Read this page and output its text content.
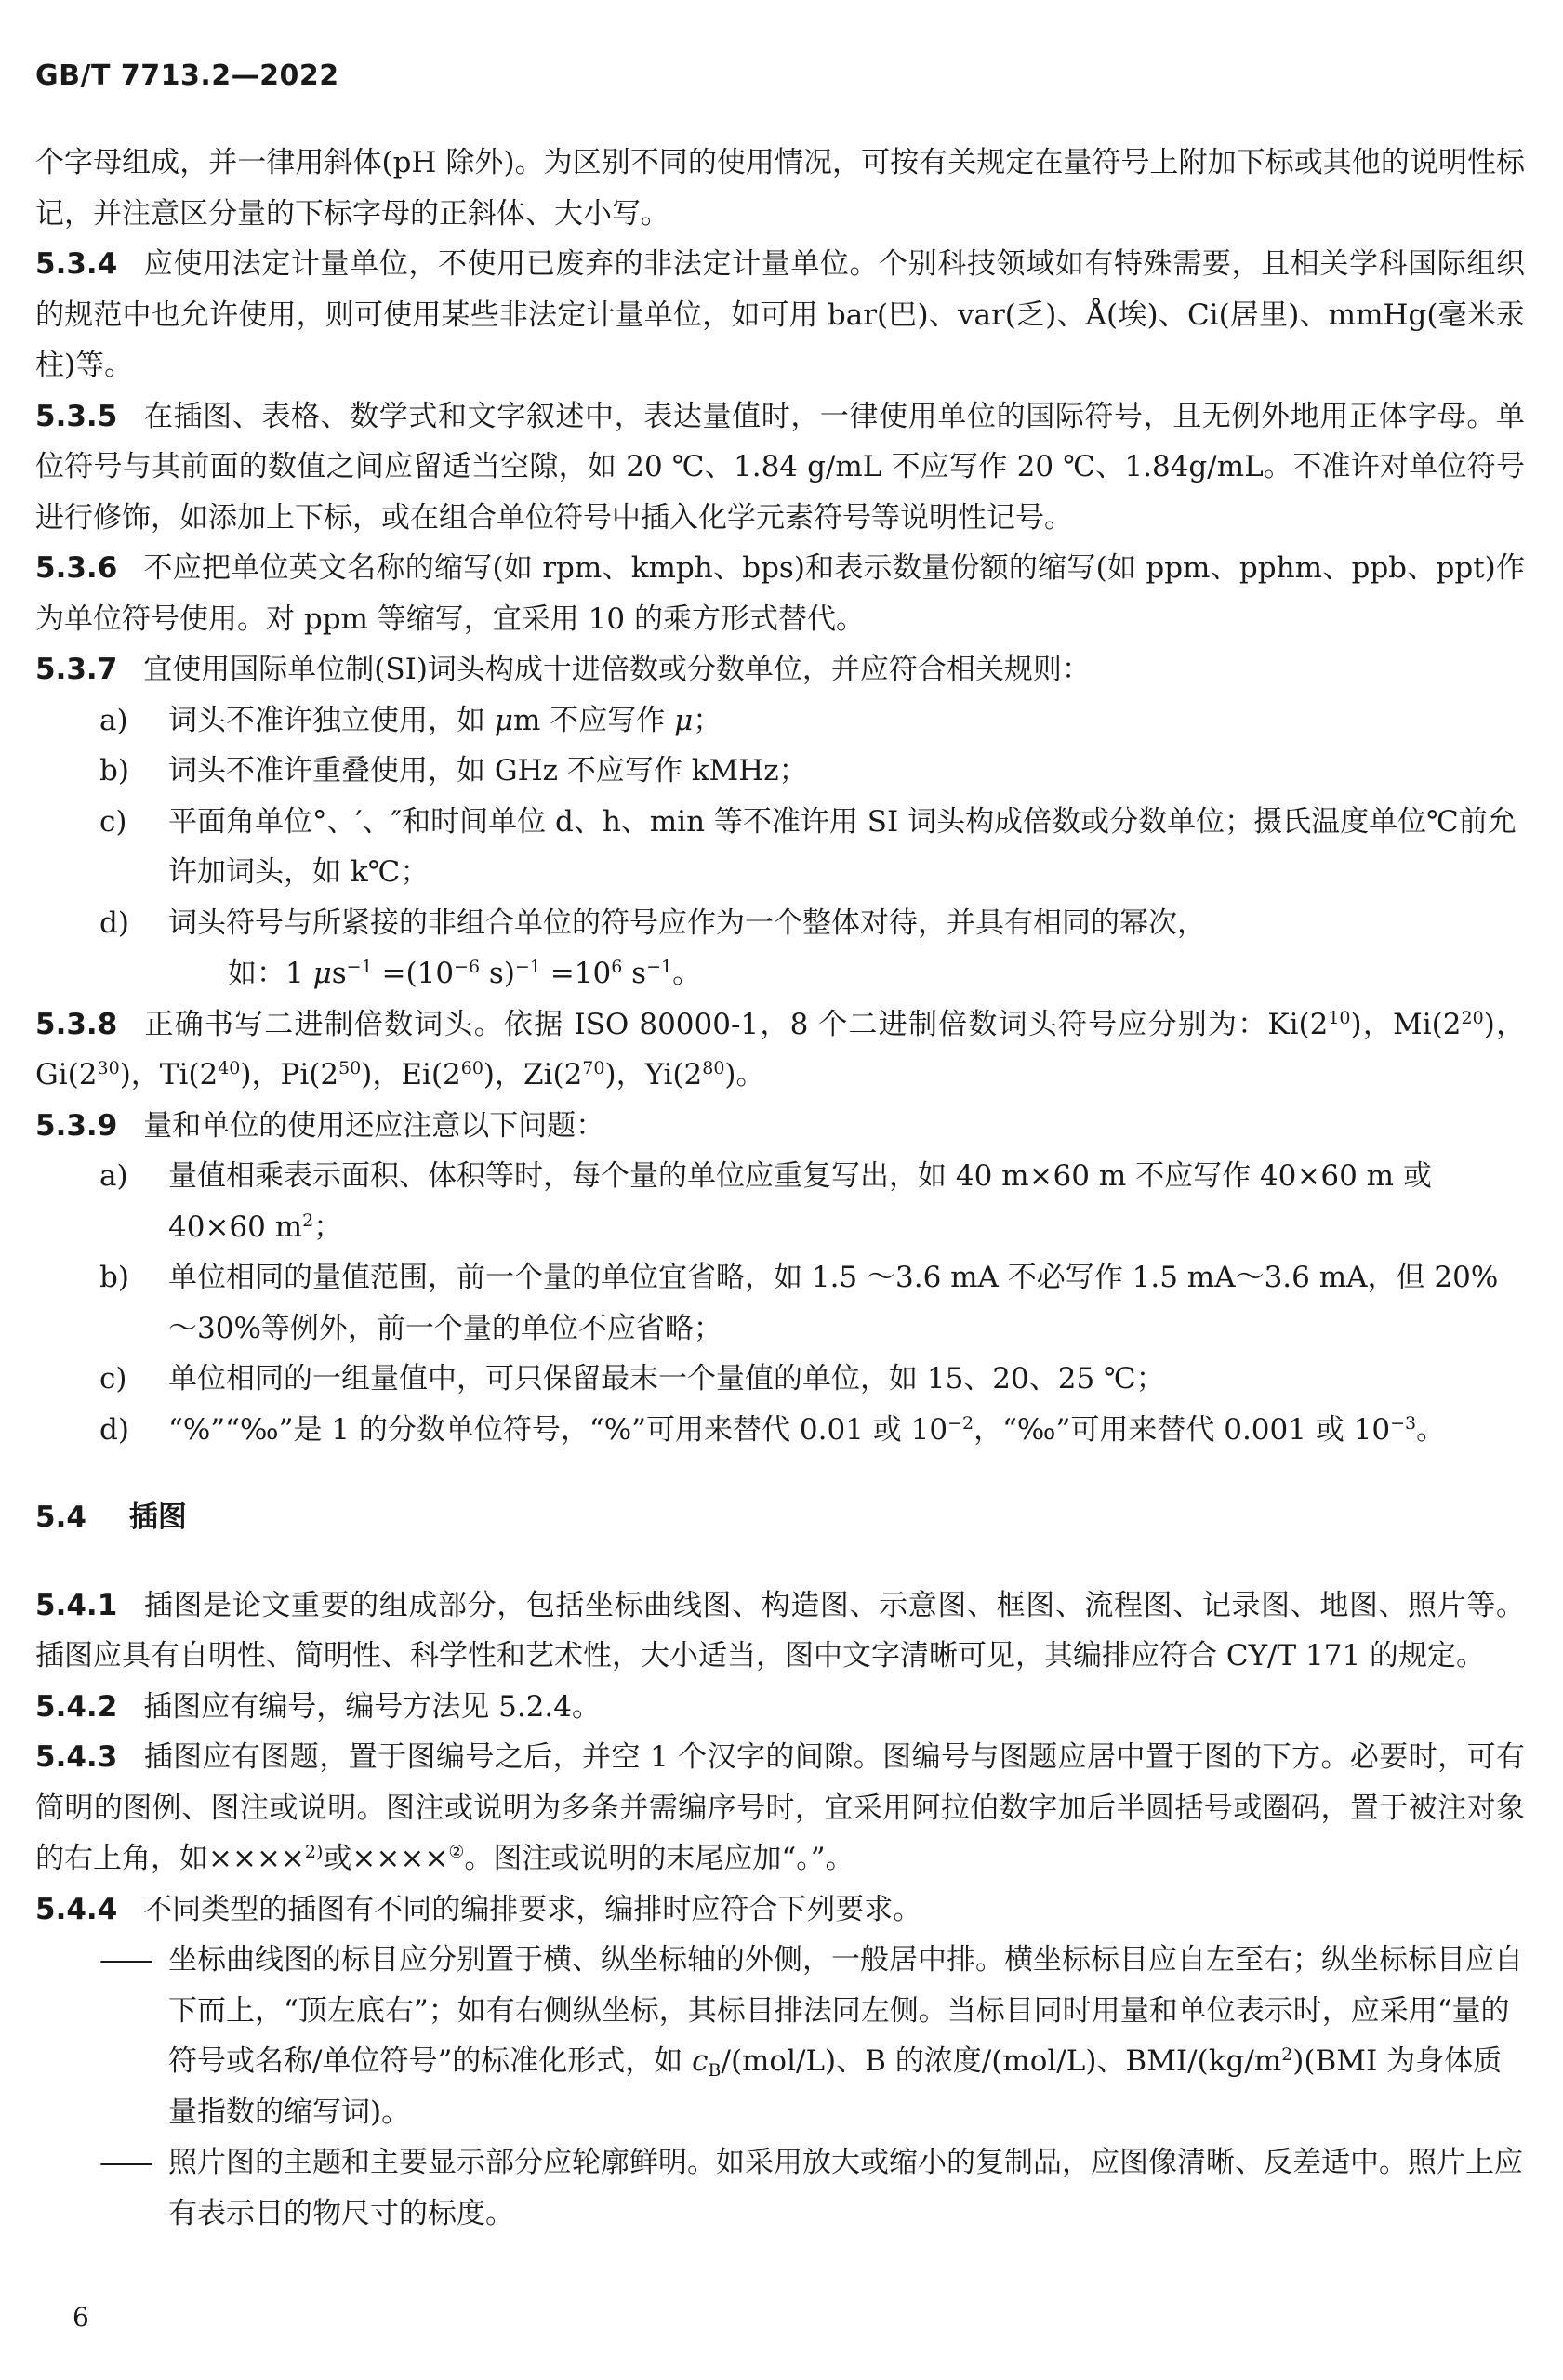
GB/T 7713.2—2022

个字母组成，并一律用斜体(pH 除外)。为区别不同的使用情况，可按有关规定在量符号上附加下标或其他的说明性标记，并注意区分量的下标字母的正斜体、大小写。

5.3.4 应使用法定计量单位，不使用已废弃的非法定计量单位。个别科技领域如有特殊需要，且相关学科国际组织的规范中也允许使用，则可使用某些非法定计量单位，如可用 bar(巴)、var(乏)、Å(埃)、Ci(居里)、mmHg(毫米汞柱)等。

5.3.5 在插图、表格、数学式和文字叙述中，表达量值时，一律使用单位的国际符号，且无例外地用正体字母。单位符号与其前面的数值之间应留适当空隙，如 20 ℃、1.84 g/mL 不应写作 20 ℃、1.84g/mL。不准许对单位符号进行修饰，如添加上下标，或在组合单位符号中插入化学元素符号等说明性记号。

5.3.6 不应把单位英文名称的缩写(如 rpm、kmph、bps)和表示数量份额的缩写(如 ppm、pphm、ppb、ppt)作为单位符号使用。对 ppm 等缩写，宜采用 10 的乘方形式替代。

5.3.7 宜使用国际单位制(SI)词头构成十进倍数或分数单位，并应符合相关规则：

a) 词头不准许独立使用，如 μm 不应写作 μ；

b) 词头不准许重叠使用，如 GHz 不应写作 kMHz；

c) 平面角单位°、′、″和时间单位 d、h、min 等不准许用 SI 词头构成倍数或分数单位；摄氏温度单位℃前允许加词头，如 k℃；

d) 词头符号与所紧接的非组合单位的符号应作为一个整体对待，并具有相同的幂次，
如：1 $\mu s^{-1} =(10^{-6}$ $s)^{-1} =10^6$ $s^{-1}$。

5.3.8 正确书写二进制倍数词头。依据 ISO 80000-1，8 个二进制倍数词头符号应分别为：$Ki(2^{10})$，$Mi(2^{20})$，$Gi(2^{30})$，$Ti(2^{40})$，$Pi(2^{50})$，$Ei(2^{60})$，$Zi(2^{70})$，$Yi(2^{80})$。

5.3.9 量和单位的使用还应注意以下问题：

a) 量值相乘表示面积、体积等时，每个量的单位应重复写出，如 40 m×60 m 不应写作 40×60 m 或 40×60 $m^2$；

b) 单位相同的量值范围，前一个量的单位宜省略，如 1.5 ～3.6 mA 不必写作 1.5 mA～3.6 mA，但 20%～30%等例外，前一个量的单位不应省略；

c) 单位相同的一组量值中，可只保留最末一个量值的单位，如 15、20、25 ℃；

d) “%”“‰”是 1 的分数单位符号，“%”可用来替代 0.01 或 $10^{-2}$，“‰”可用来替代 0.001 或 $10^{-3}$。

5.4 插图

5.4.1 插图是论文重要的组成部分，包括坐标曲线图、构造图、示意图、框图、流程图、记录图、地图、照片等。插图应具有自明性、简明性、科学性和艺术性，大小适当，图中文字清晰可见，其编排应符合 CY/T 171 的规定。

5.4.2 插图应有编号，编号方法见 5.2.4。

5.4.3 插图应有图题，置于图编号之后，并空 1 个汉字的间隙。图编号与图题应居中置于图的下方。必要时，可有简明的图例、图注或说明。图注或说明为多条并需编序号时，宜采用阿拉伯数字加后半圆括号或圈码，置于被注对象的右上角，如××××$^{2)}$或××××②。图注或说明的末尾应加“。”。

5.4.4 不同类型的插图有不同的编排要求，编排时应符合下列要求。

—— 坐标曲线图的标目应分别置于横、纵坐标轴的外侧，一般居中排。横坐标标目应自左至右；纵坐标标目应自下而上，“顶左底右”；如有右侧纵坐标，其标目排法同左侧。当标目同时用量和单位表示时，应采用“量的符号或名称/单位符号”的标准化形式，如 $c_B/(mol/L)$、B 的浓度/(mol/L)、BMI/$(kg/m^2)(BMI$ 为身体质量指数的缩写词)。

—— 照片图的主题和主要显示部分应轮廓鲜明。如采用放大或缩小的复制品，应图像清晰、反差适中。照片上应有表示目的物尺寸的标度。

6
